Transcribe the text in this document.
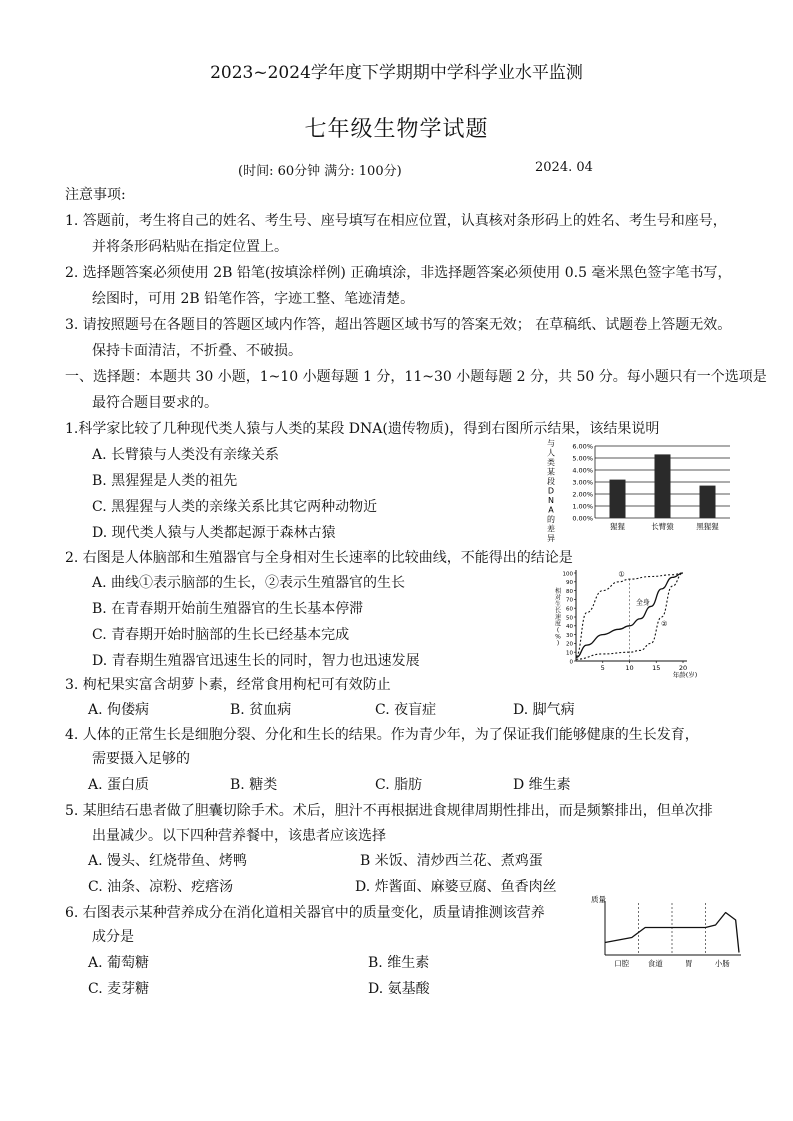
2023~2024学年度下学期期中学科学业水平监测
七年级生物学试题
(时间: 60分钟 满分: 100分)	2024. 04
注意事项:
1. 答题前，考生将自己的姓名、考生号、座号填写在相应位置，认真核对条形码上的姓名、考生号和座号，
并将条形码粘贴在指定位置上。
2. 选择题答案必须使用 2B 铅笔(按填涂样例) 正确填涂，非选择题答案必须使用 0.5 毫米黑色签字笔书写，
绘图时，可用 2B 铅笔作答，字迹工整、笔迹清楚。
3. 请按照题号在各题目的答题区域内作答，超出答题区域书写的答案无效； 在草稿纸、试题卷上答题无效。
保持卡面清洁，不折叠、不破损。
一、选择题：本题共 30 小题，1~10 小题每题 1 分，11~30 小题每题 2 分，共 50 分。每小题只有一个选项是
最符合题目要求的。
1.科学家比较了几种现代类人猿与人类的某段 DNA(遗传物质)，得到右图所示结果，该结果说明
A. 长臂猿与人类没有亲缘关系
B. 黑猩猩是人类的祖先
C. 黑猩猩与人类的亲缘关系比其它两种动物近
D. 现代类人猿与人类都起源于森林古猿
与
人
类
某
段
D
N
A
的
差
异
6.00%
5.00%
4.00%
3.00%
2.00%
1.00%
0.00%
猩猩	长臂猿	黑猩猩
2. 右图是人体脑部和生殖器官与全身相对生长速率的比较曲线，不能得出的结论是
A. 曲线①表示脑部的生长，②表示生殖器官的生长
B. 在青春期开始前生殖器官的生长基本停滞
C. 青春期开始时脑部的生长已经基本完成
D. 青春期生殖器官迅速生长的同时，智力也迅速发展
100
90
80
70
60
50
40
30
20
10
0
5	10	15	20
年龄(岁)
相
对
生
长
速
度
(
%
)
①
全身
②
3. 枸杞果实富含胡萝卜素，经常食用枸杞可有效防止
A. 佝偻病	B. 贫血病	C. 夜盲症	D. 脚气病
4. 人体的正常生长是细胞分裂、分化和生长的结果。作为青少年，为了保证我们能够健康的生长发育，
需要摄入足够的
A. 蛋白质	B. 糖类	C. 脂肪	D 维生素
5. 某胆结石患者做了胆囊切除手术。术后，胆汁不再根据进食规律周期性排出，而是频繁排出，但单次排
出量减少。以下四种营养餐中，该患者应该选择
A. 馒头、红烧带鱼、烤鸭	B 米饭、清炒西兰花、煮鸡蛋
C. 油条、凉粉、疙瘩汤	D. 炸酱面、麻婆豆腐、鱼香肉丝
6. 右图表示某种营养成分在消化道相关器官中的质量变化，质量请推测该营养
成分是
A. 葡萄糖	B. 维生素
C. 麦芽糖	D. 氨基酸
质量
口腔 食道	胃	小肠
